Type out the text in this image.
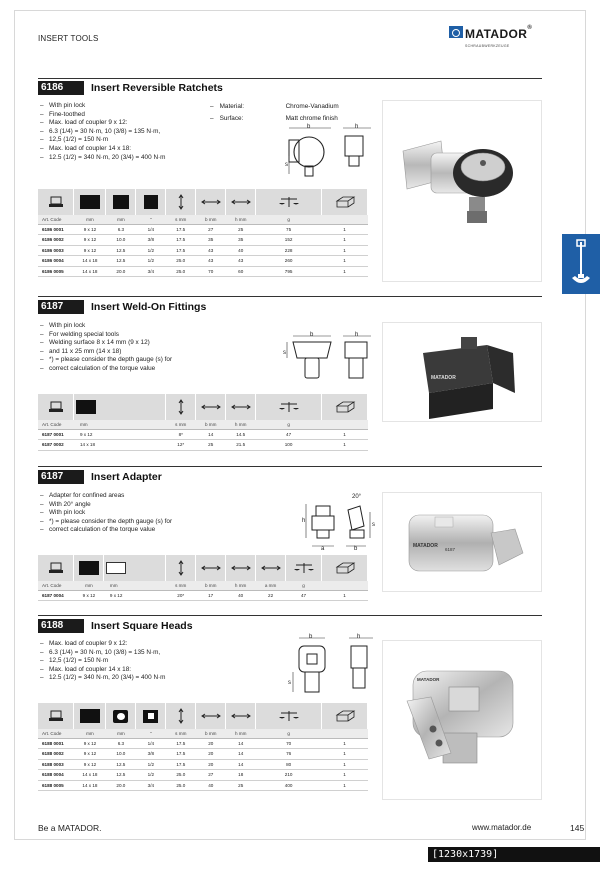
INSERT TOOLS	MATADOR®
SCHRAUBWERKZEUGE
6186	Insert Reversible Ratchets
– With pin lock
– Fine-toothed
– Max. load of coupler 9 x 12:
– 6.3 (1/4) = 30 N·m, 10 (3/8) = 135 N·m,
– 12,5 (1/2) = 150 N·m
– Max. load of coupler 14 x 18:
– 12.5 (1/2) = 340 N·m, 20 (3/4) = 400 N·m
–	Material:	Chrome-Vanadium
–	Surface:	Matt chrome finish
b
s
h

Art. Code	mm	mm	"	s mm	b mm	h mm	g	
6186 0001	9 x 12	6.3	1/4	17.5	27	25	75	1
6186 0002	9 x 12	10.0	3/8	17.5	35	35	152	1
6186 0003	9 x 12	12.5	1/2	17.5	43	40	228	1
6186 0004	14 x 18	12.5	1/2	25.0	43	43	260	1
6186 0005	14 x 18	20.0	3/4	25.0	70	60	795	1
6187	Insert Weld-On Fittings
– With pin lock
– For welding special tools
– Welding surface 8 x 14 mm (9 x 12)
– and 11 x 25 mm (14 x 18)
– *) = please consider the depth gauge (s) for
– correct calculation of the torque value
b
s
h
MATADOR

Art. Code	mm	s mm	b mm	h mm	g	
6187 0001	9 x 12	8*	14	14.5	47	1
6187 0002	14 x 18	12*	25	21.5	100	1
6187	Insert Adapter
– Adapter for confined areas
– With 20° angle
– With pin lock
– *) = please consider the depth gauge (s) for
– correct calculation of the torque value
20°
h
a
s
b	MATADOR
6187

Art. Code	mm	mm	s mm	b mm	h mm	a mm	g	
6187 0004	9 x 12	9 x 12	20*	17	40	22	47	1
6188	Insert Square Heads
– Max. load of coupler 9 x 12:
– 6.3 (1/4) = 30 N·m, 10 (3/8) = 135 N·m,
– 12,5 (1/2) = 150 N·m
– Max. load of coupler 14 x 18:
– 12.5 (1/2) = 340 N·m, 20 (3/4) = 400 N·m
b
s
h
MATADOR

Art. Code	mm	mm	"	s mm	b mm	h mm	g	
6188 0001	9 x 12	6.3	1/4	17.5	20	14	70	1
6188 0002	9 x 12	10.0	3/8	17.5	20	14	76	1
6188 0003	9 x 12	12.5	1/2	17.5	20	14	80	1
6188 0004	14 x 18	12.5	1/2	25.0	27	18	210	1
6188 0005	14 x 18	20.0	3/4	25.0	40	25	400	1
Be a MATADOR.	www.matador.de	145
[1230x1739] https://upic.me/
